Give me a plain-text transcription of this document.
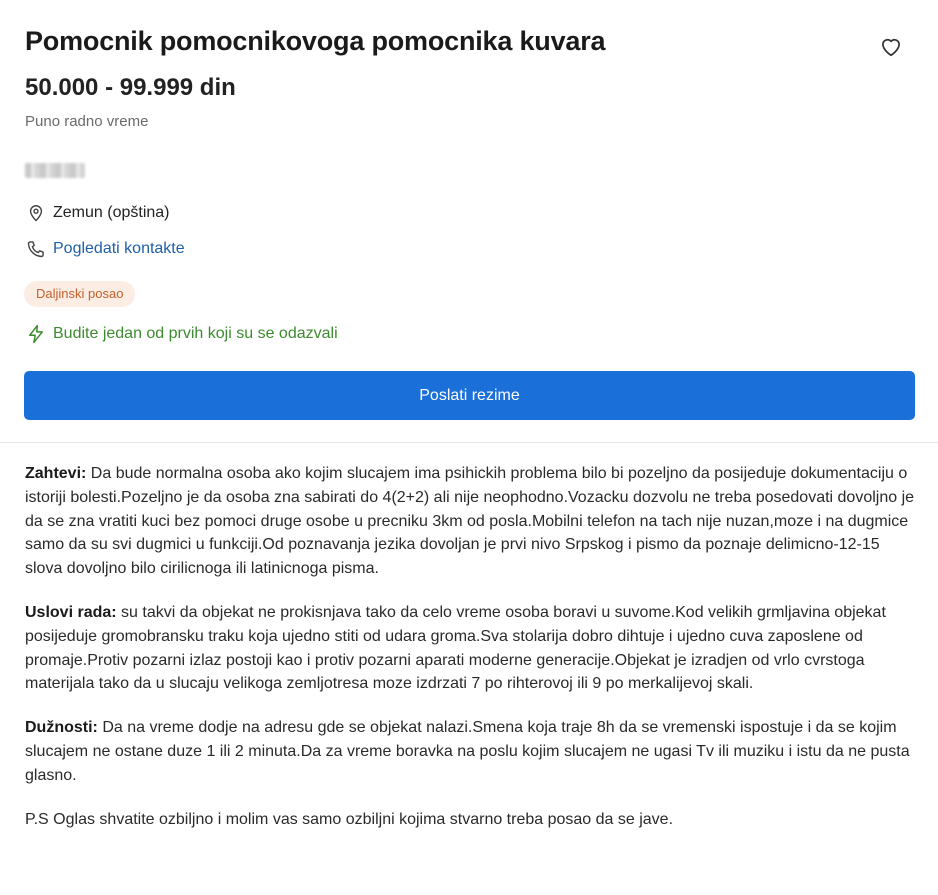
Pomocnik pomocnikovoga pomocnika kuvara
50.000 - 99.999 din
Puno radno vreme
Zemun (opština)
Pogledati kontakte
Daljinski posao
Budite jedan od prvih koji su se odazvali
Poslati rezime

Zahtevi: Da bude normalna osoba ako kojim slucajem ima psihickih problema bilo bi pozeljno da posijeduje dokumentaciju o istoriji bolesti.Pozeljno je da osoba zna sabirati do 4(2+2) ali nije neophodno.Vozacku dozvolu ne treba posedovati dovoljno je da se zna vratiti kuci bez pomoci druge osobe u precniku 3km od posla.Mobilni telefon na tach nije nuzan,moze i na dugmice samo da su svi dugmici u funkciji.Od poznavanja jezika dovoljan je prvi nivo Srpskog i pismo da poznaje delimicno-12-15 slova dovoljno bilo cirilicnoga ili latinicnoga pisma.

Uslovi rada: su takvi da objekat ne prokisnjava tako da celo vreme osoba boravi u suvome.Kod velikih grmljavina objekat posijeduje gromobransku traku koja ujedno stiti od udara groma.Sva stolarija dobro dihtuje i ujedno cuva zaposlene od promaje.Protiv pozarni izlaz postoji kao i protiv pozarni aparati moderne generacije.Objekat je izradjen od vrlo cvrstoga materijala tako da u slucaju velikoga zemljotresa moze izdrzati 7 po rihterovoj ili 9 po merkalijevoj skali.

Dužnosti: Da na vreme dodje na adresu gde se objekat nalazi.Smena koja traje 8h da se vremenski ispostuje i da se kojim slucajem ne ostane duze 1 ili 2 minuta.Da za vreme boravka na poslu kojim slucajem ne ugasi Tv ili muziku i istu da ne pusta glasno.

P.S Oglas shvatite ozbiljno i molim vas samo ozbiljni kojima stvarno treba posao da se jave.
